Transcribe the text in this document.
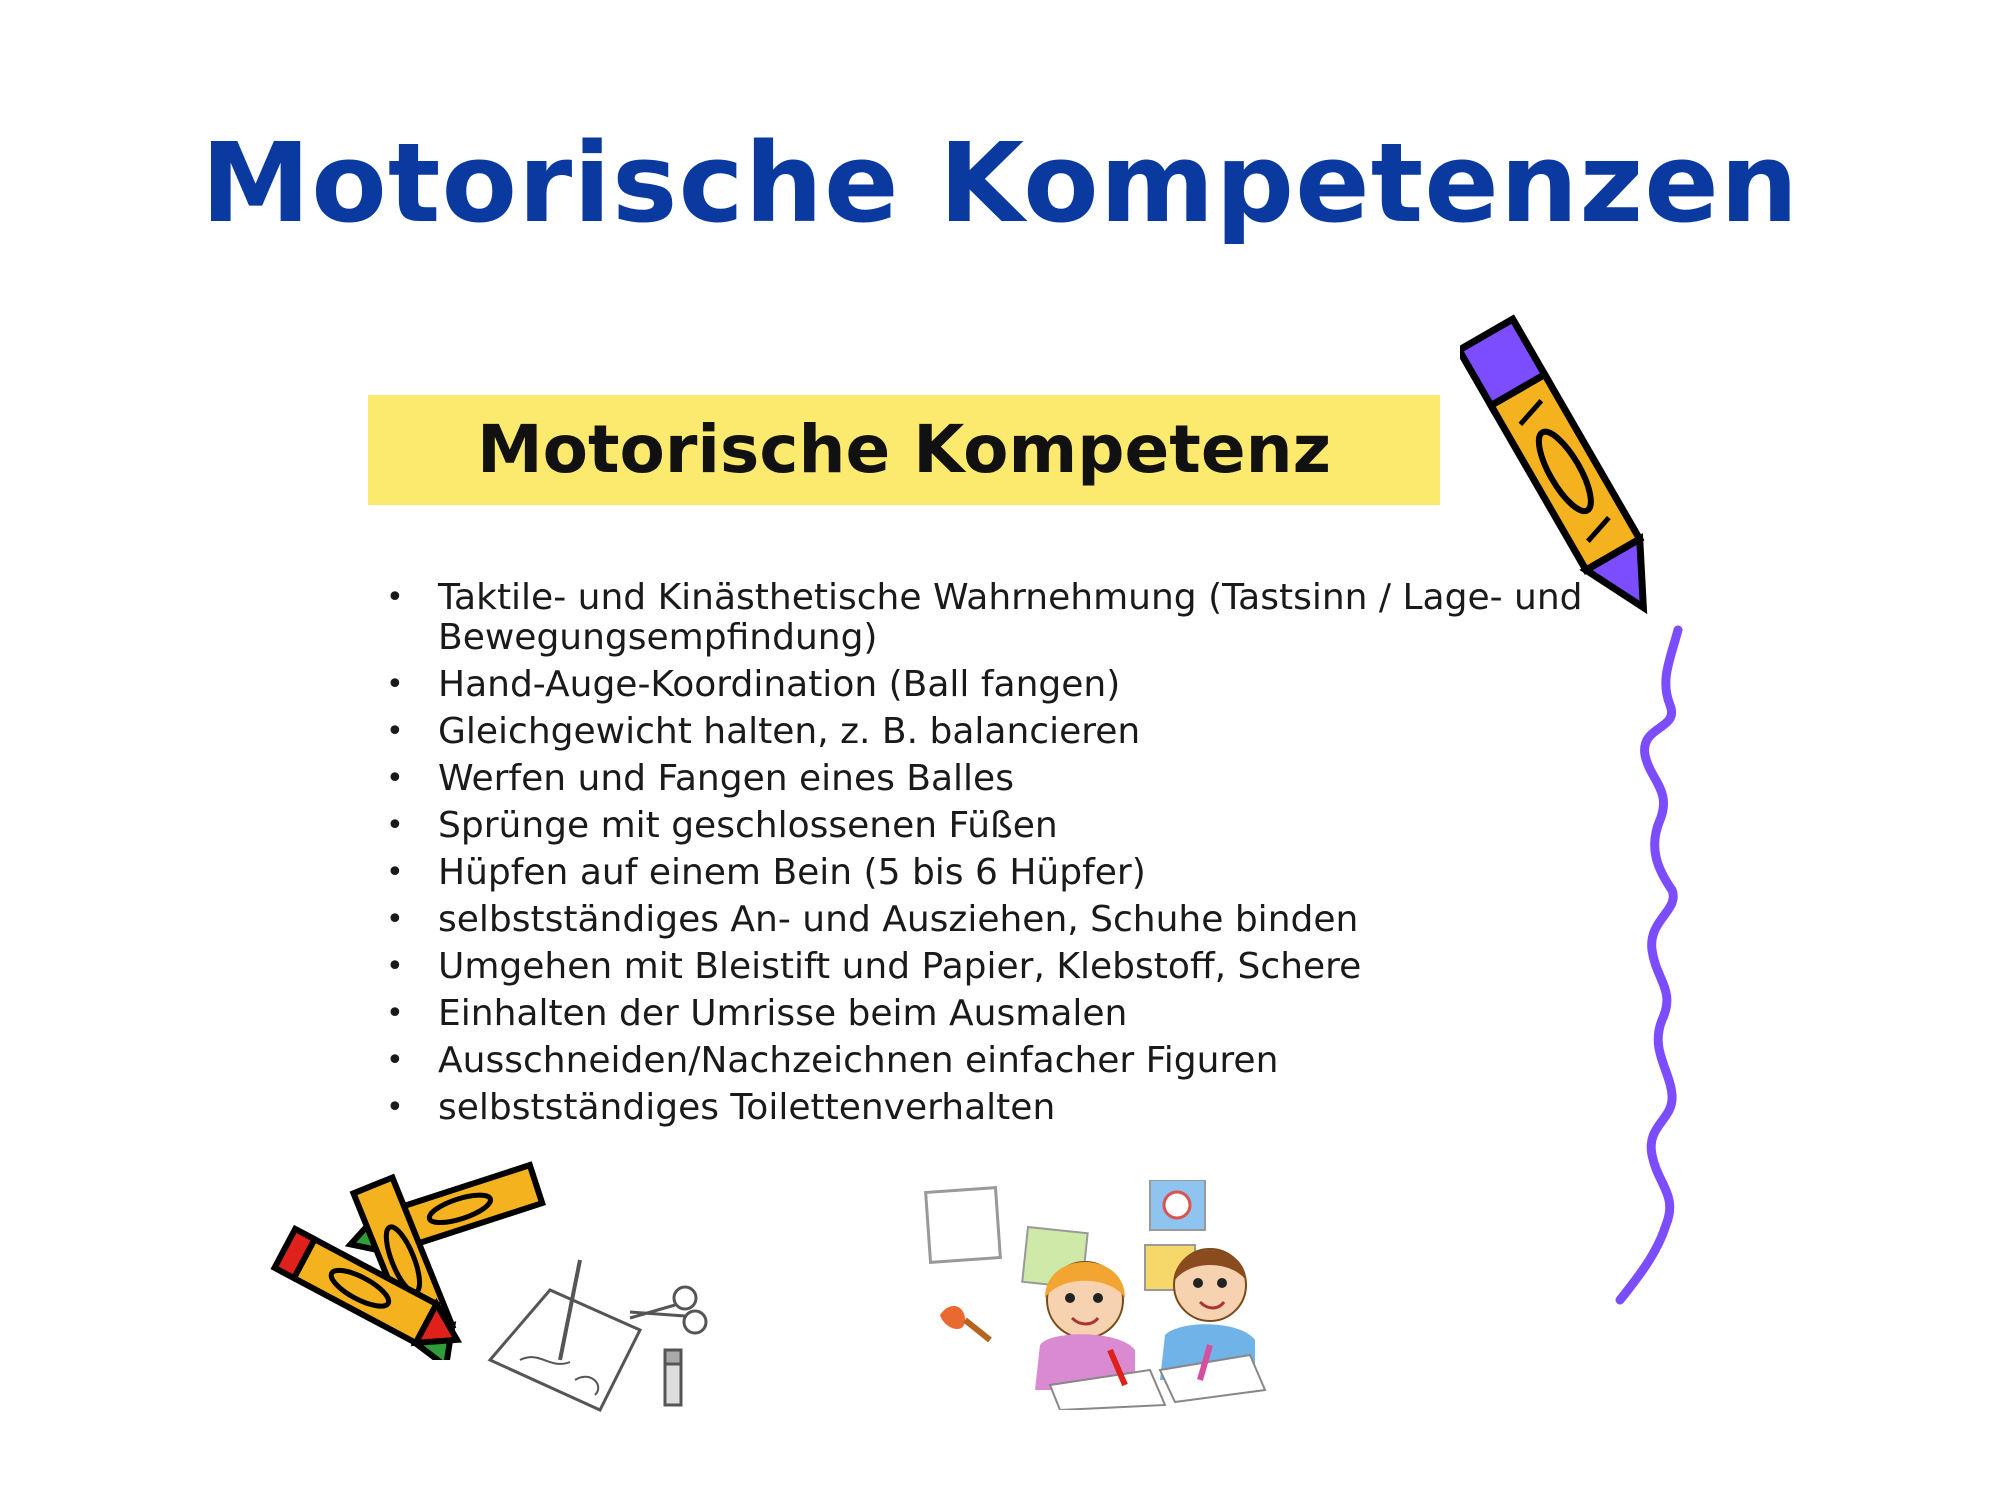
Motorische Kompetenzen
Motorische Kompetenz
• Taktile- und Kinästhetische Wahrnehmung (Tastsinn / Lage- und Bewegungsempfindung)
• Hand-Auge-Koordination (Ball fangen)
• Gleichgewicht halten, z. B. balancieren
• Werfen und Fangen eines Balles
• Sprünge mit geschlossenen Füßen
• Hüpfen auf einem Bein (5 bis 6 Hüpfer)
• selbstständiges An- und Ausziehen, Schuhe binden
• Umgehen mit Bleistift und Papier, Klebstoff, Schere
• Einhalten der Umrisse beim Ausmalen
• Ausschneiden/Nachzeichnen einfacher Figuren
• selbstständiges Toilettenverhalten
